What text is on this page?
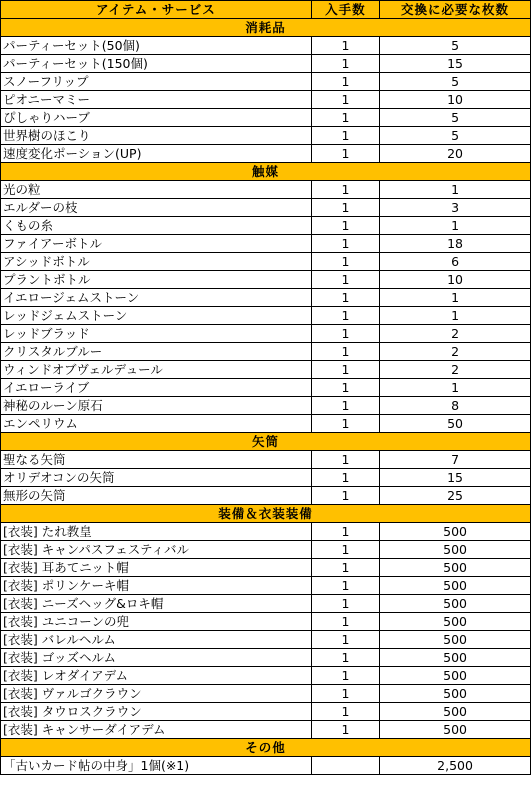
アイテム・サービス	入手数	交換に必要な枚数
消耗品		
パーティーセット(50個)	1	5
パーティーセット(150個)	1	15
スノーフリップ	1	5
ピオニーマミー	1	10
ぴしゃりハーブ	1	5
世界樹のほこり	1	5
速度変化ポーション(UP)	1	20
触媒		
光の粒	1	1
エルダーの枝	1	3
くもの糸	1	1
ファイアーボトル	1	18
アシッドボトル	1	6
プラントボトル	1	10
イエロージェムストーン	1	1
レッドジェムストーン	1	1
レッドブラッド	1	2
クリスタルブルー	1	2
ウィンドオブヴェルデュール	1	2
イエローライブ	1	1
神秘のルーン原石	1	8
エンペリウム	1	50
矢筒		
聖なる矢筒	1	7
オリデオコンの矢筒	1	15
無形の矢筒	1	25
装備＆衣装装備		
[衣装] たれ教皇	1	500
[衣装] キャンパスフェスティバル	1	500
[衣装] 耳あてニット帽	1	500
[衣装] ポリンケーキ帽	1	500
[衣装] ニーズヘッグ&ロキ帽	1	500
[衣装] ユニコーンの兜	1	500
[衣装] バレルヘルム	1	500
[衣装] ゴッズヘルム	1	500
[衣装] レオダイアデム	1	500
[衣装] ヴァルゴクラウン	1	500
[衣装] タウロスクラウン	1	500
[衣装] キャンサーダイアデム	1	500
その他		
「古いカード帖の中身」1個(※1)		2,500
